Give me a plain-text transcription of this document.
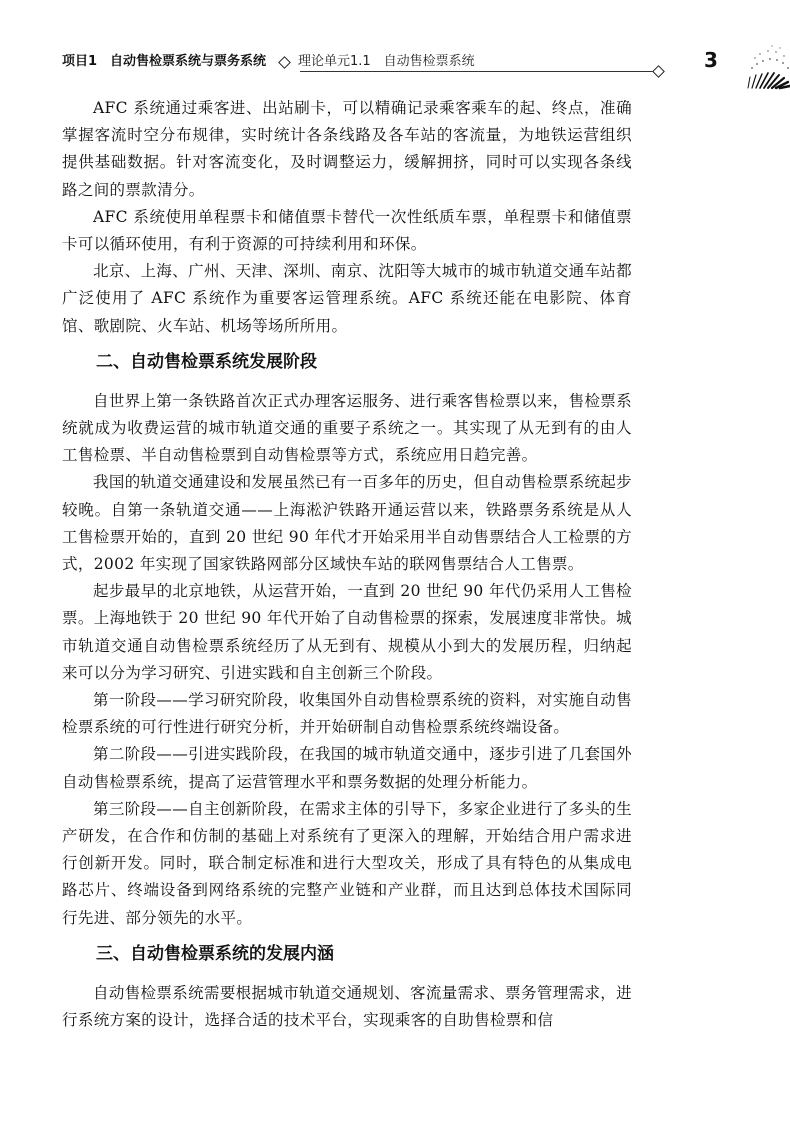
项目1　自动售检票系统与票务系统 理论单元1.1　自动售检票系统	3

AFC 系统通过乘客进、出站刷卡，可以精确记录乘客乘车的起、终点，准确掌握客流时空分布规律，实时统计各条线路及各车站的客流量，为地铁运营组织提供基础数据。针对客流变化，及时调整运力，缓解拥挤，同时可以实现各条线路之间的票款清分。

AFC 系统使用单程票卡和储值票卡替代一次性纸质车票，单程票卡和储值票卡可以循环使用，有利于资源的可持续利用和环保。

北京、上海、广州、天津、深圳、南京、沈阳等大城市的城市轨道交通车站都广泛使用了 AFC 系统作为重要客运管理系统。AFC 系统还能在电影院、体育馆、歌剧院、火车站、机场等场所所用。

二、自动售检票系统发展阶段

自世界上第一条铁路首次正式办理客运服务、进行乘客售检票以来，售检票系统就成为收费运营的城市轨道交通的重要子系统之一。其实现了从无到有的由人工售检票、半自动售检票到自动售检票等方式，系统应用日趋完善。

我国的轨道交通建设和发展虽然已有一百多年的历史，但自动售检票系统起步较晚。自第一条轨道交通——上海淞沪铁路开通运营以来，铁路票务系统是从人工售检票开始的，直到 20 世纪 90 年代才开始采用半自动售票结合人工检票的方式，2002 年实现了国家铁路网部分区域快车站的联网售票结合人工售票。

起步最早的北京地铁，从运营开始，一直到 20 世纪 90 年代仍采用人工售检票。上海地铁于 20 世纪 90 年代开始了自动售检票的探索，发展速度非常快。城市轨道交通自动售检票系统经历了从无到有、规模从小到大的发展历程，归纳起来可以分为学习研究、引进实践和自主创新三个阶段。

第一阶段——学习研究阶段，收集国外自动售检票系统的资料，对实施自动售检票系统的可行性进行研究分析，并开始研制自动售检票系统终端设备。

第二阶段——引进实践阶段，在我国的城市轨道交通中，逐步引进了几套国外自动售检票系统，提高了运营管理水平和票务数据的处理分析能力。

第三阶段——自主创新阶段，在需求主体的引导下，多家企业进行了多头的生产研发，在合作和仿制的基础上对系统有了更深入的理解，开始结合用户需求进行创新开发。同时，联合制定标准和进行大型攻关，形成了具有特色的从集成电路芯片、终端设备到网络系统的完整产业链和产业群，而且达到总体技术国际同行先进、部分领先的水平。

三、自动售检票系统的发展内涵

自动售检票系统需要根据城市轨道交通规划、客流量需求、票务管理需求，进行系统方案的设计，选择合适的技术平台，实现乘客的自助售检票和信
